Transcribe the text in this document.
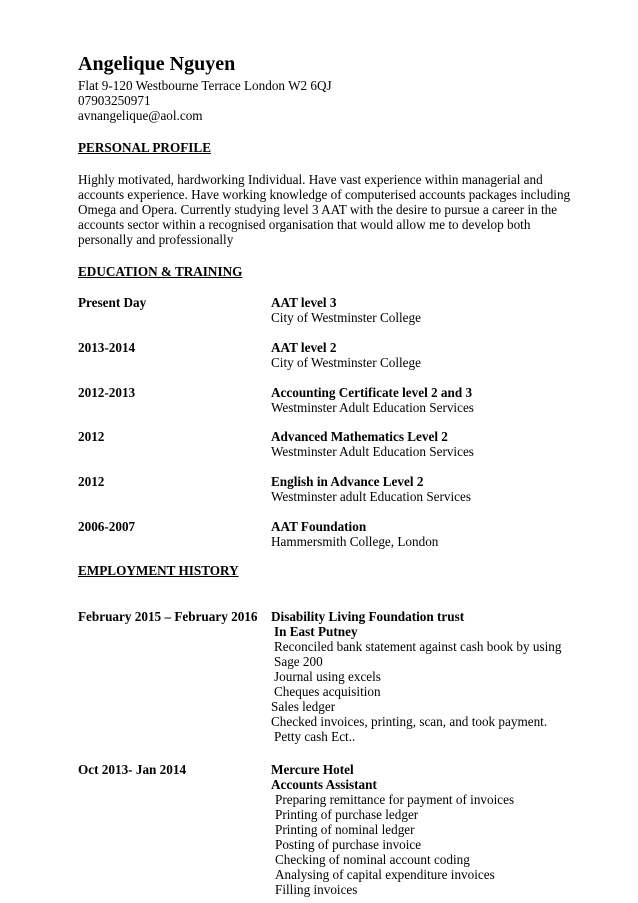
Angelique Nguyen
Flat 9-120 Westbourne Terrace London W2 6QJ
07903250971
avnangelique@aol.com
PERSONAL PROFILE
Highly motivated, hardworking Individual. Have vast experience within managerial and
accounts experience. Have working knowledge of computerised accounts packages including
Omega and Opera. Currently studying level 3 AAT with the desire to pursue a career in the
accounts sector within a recognised organisation that would allow me to develop both
personally and professionally
EDUCATION & TRAINING
Present Day	AAT level 3
City of Westminster College
2013-2014	AAT level 2
City of Westminster College
2012-2013	Accounting Certificate level 2 and 3
Westminster Adult Education Services
2012	Advanced Mathematics Level 2
Westminster Adult Education Services
2012	English in Advance Level 2
Westminster adult Education Services
2006-2007	AAT Foundation
Hammersmith College, London
EMPLOYMENT HISTORY
February 2015 – February 2016 Disability Living Foundation trust
In East Putney
Reconciled bank statement against cash book by using
Sage 200
Journal using excels
Cheques acquisition
Sales ledger
Checked invoices, printing, scan, and took payment.
Petty cash Ect..
Oct 2013- Jan 2014	Mercure Hotel
Accounts Assistant
Preparing remittance for payment of invoices
Printing of purchase ledger
Printing of nominal ledger
Posting of purchase invoice
Checking of nominal account coding
Analysing of capital expenditure invoices
Filling invoices
